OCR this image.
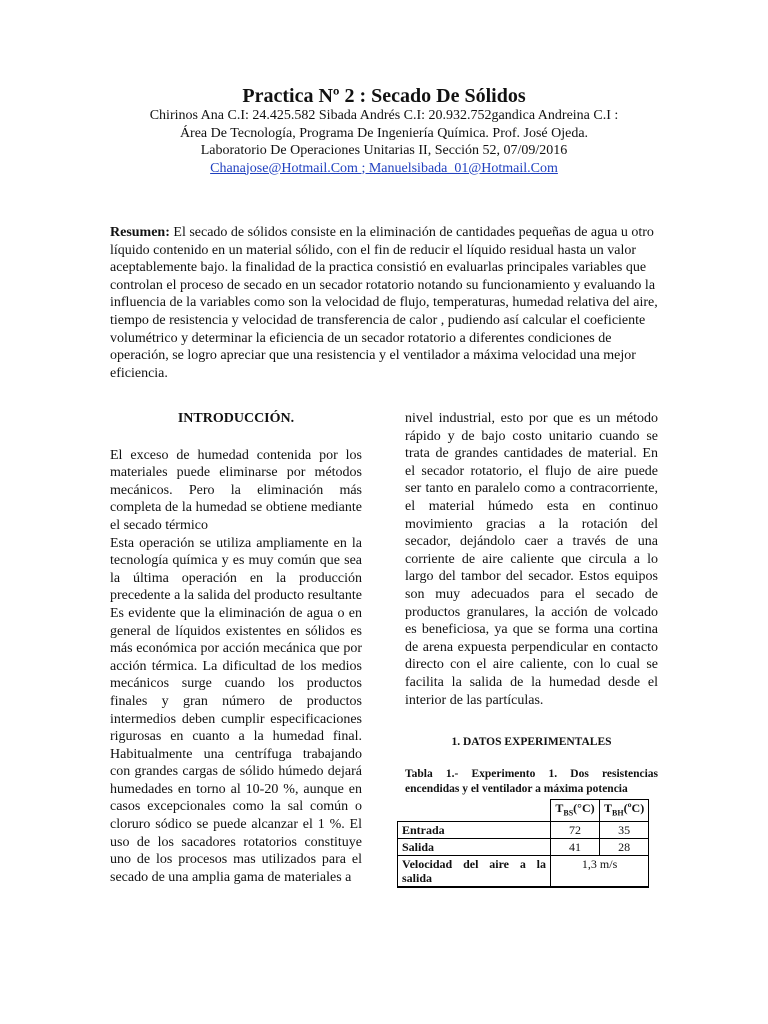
Practica Nº 2 : Secado De Sólidos
Chirinos Ana C.I: 24.425.582 Sibada Andrés C.I: 20.932.752gandica Andreina C.I :
Área De Tecnología, Programa De Ingeniería Química. Prof. José Ojeda.
Laboratorio De Operaciones Unitarias II, Sección 52, 07/09/2016
Chanajose@Hotmail.Com ; Manuelsibada_01@Hotmail.Com
Resumen: El secado de sólidos consiste en la eliminación de cantidades pequeñas de agua u otro líquido contenido en un material sólido, con el fin de reducir el líquido residual hasta un valor aceptablemente bajo. la finalidad de la practica consistió en evaluarlas principales variables que controlan el proceso de secado en un secador rotatorio notando su funcionamiento y evaluando la influencia de la variables como son la velocidad de flujo, temperaturas, humedad relativa del aire, tiempo de resistencia y velocidad de transferencia de calor , pudiendo así calcular el coeficiente volumétrico y determinar la eficiencia de un secador rotatorio a diferentes condiciones de operación, se logro apreciar que una resistencia y el ventilador a máxima velocidad una mejor eficiencia.
INTRODUCCIÓN.

El exceso de humedad contenida por los materiales puede eliminarse por métodos mecánicos. Pero la eliminación más completa de la humedad se obtiene mediante el secado térmico

Esta operación se utiliza ampliamente en la tecnología química y es muy común que sea la última operación en la producción precedente a la salida del producto resultante Es evidente que la eliminación de agua o en general de líquidos existentes en sólidos es más económica por acción mecánica que por acción térmica. La dificultad de los medios mecánicos surge cuando los productos finales y gran número de productos intermedios deben cumplir especificaciones rigurosas en cuanto a la humedad final. Habitualmente una centrífuga trabajando con grandes cargas de sólido húmedo dejará humedades en torno al 10-20 %, aunque en casos excepcionales como la sal común o cloruro sódico se puede alcanzar el 1 %. El uso de los sacadores rotatorios constituye uno de los procesos mas utilizados para el secado de una amplia gama de materiales a

nivel industrial, esto por que es un método rápido y de bajo costo unitario cuando se trata de grandes cantidades de material. En el secador rotatorio, el flujo de aire puede ser tanto en paralelo como a contracorriente, el material húmedo esta en continuo movimiento gracias a la rotación del secador, dejándolo caer a través de una corriente de aire caliente que circula a lo largo del tambor del secador. Estos equipos son muy adecuados para el secado de productos granulares, la acción de volcado es beneficiosa, ya que se forma una cortina de arena expuesta perpendicular en contacto directo con el aire caliente, con lo cual se facilita la salida de la humedad desde el interior de las partículas.

1. DATOS EXPERIMENTALES
Tabla 1.- Experimento 1. Dos resistencias encendidas y el ventilador a máxima potencia
	$T_{BS}(^\circ C)$	$T_{BH}(ºC)$
Entrada	72	35
Salida	41	28
Velocidad del aire a la salida	1,3 m/s	
